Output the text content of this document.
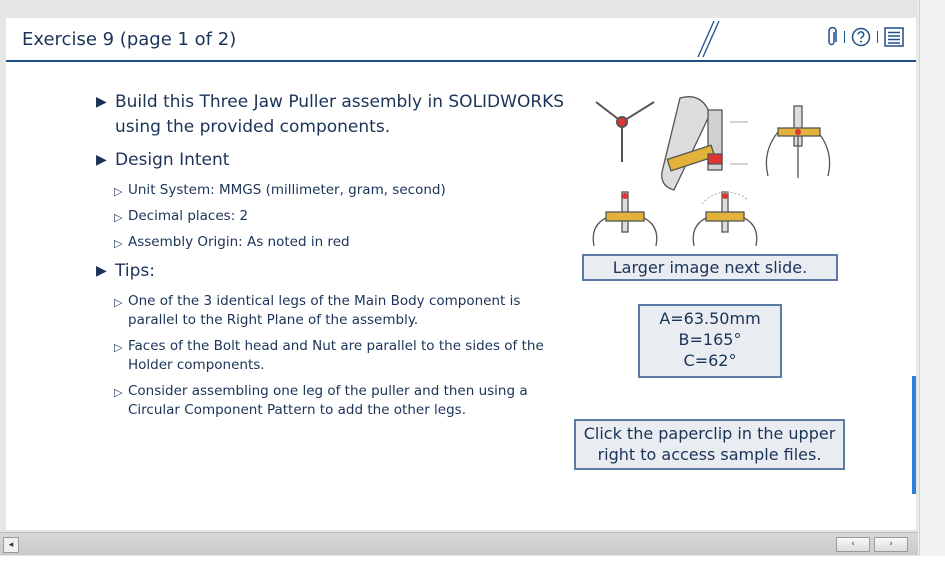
Exercise 9 (page 1 of 2)
▶ Build this Three Jaw Puller assembly in SOLIDWORKS using the provided components.
▶ Design Intent
▷ Unit System: MMGS (millimeter, gram, second)
▷ Decimal places: 2
▷ Assembly Origin: As noted in red
▶ Tips:
▷ One of the 3 identical legs of the Main Body component is parallel to the Right Plane of the assembly.
▷ Faces of the Bolt head and Nut are parallel to the sides of the Holder components.
▷ Consider assembling one leg of the puller and then using a Circular Component Pattern to add the other legs.
Larger image next slide.
A=63.50mm
B=165°
C=62°
Click the paperclip in the upper
right to access sample files.
◂	‹	›
